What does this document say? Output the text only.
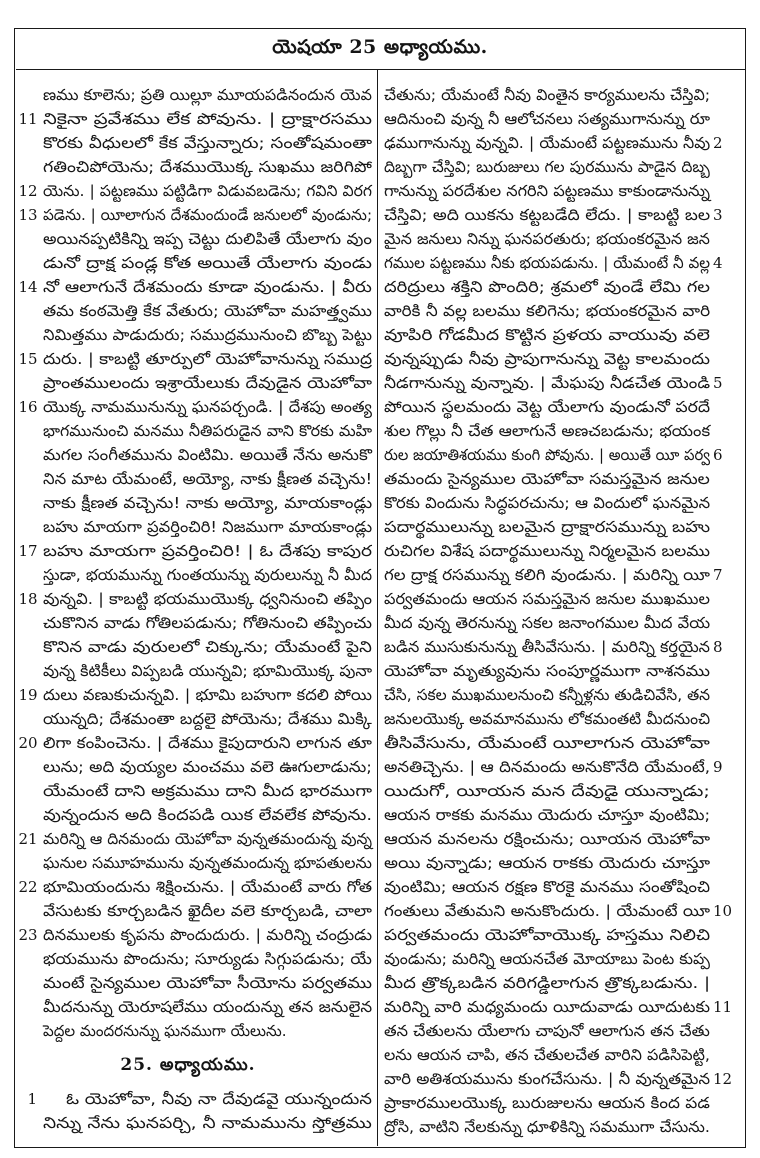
యెషయా 25 అధ్యాయము.
ణము కూలెను; ప్రతి యిల్లూ మూయపడినందున యెవ
11 నికైనా ప్రవేశము లేక పోవును. | ద్రాక్షారసము
కొరకు వీధులలో కేక వేస్తున్నారు; సంతోషమంతా
గతించిపోయెను; దేశముయొక్క సుఖము జరిగిపో
12 యెను. | పట్టణము పట్టిడిగా విడువబడెను; గవిని విరగ
13 పడెను. | యీలాగున దేశమందుండే జనులలో వుండును;
అయినప్పటికిన్ని ఇప్ప చెట్టు దులిపితే యేలాగు వుం
డునో ద్రాక్ష పండ్ల కోత అయితే యేలాగు వుండు
14 నో ఆలాగునే దేశమందు కూడా వుండును. | వీరు
తమ కంఠమెత్తి కేక వేతురు; యెహోవా మహత్త్వము
నిమిత్తము పాడుదురు; సముద్రమునుంచి బొబ్బ పెట్టు
15 దురు. | కాబట్టి తూర్పులో యెహోవానున్ను సముద్ర
ప్రాంతములందు ఇశ్రాయేలుకు దేవుడైన యెహోవా
16 యొక్క నామమునున్ను ఘనపర్చండి. | దేశపు అంత్య
భాగమునుంచి మనము నీతిపరుడైన వాని కొరకు మహి
మగల సంగీతమును వింటిమి. అయితే నేను అనుకొ
నిన మాట యేమంటే, అయ్యో, నాకు క్షీణత వచ్చెను!
నాకు క్షీణత వచ్చెను! నాకు అయ్యో, మాయకాండ్లు
బహు మాయగా ప్రవర్తించిరి! నిజముగా మాయకాండ్లు
17 బహు మాయగా ప్రవర్తించిరి! | ఓ దేశపు కాపుర
స్తుడా, భయమున్ను గుంతయున్ను వురులున్ను నీ మీద
18 వున్నవి. | కాబట్టి భయముయొక్క ధ్వనినుంచి తప్పిం
చుకొనిన వాడు గోతిలపడును; గోతినుంచి తప్పించు
కొనిన వాడు వురులలో చిక్కును; యేమంటే పైని
వున్న కిటికీలు విప్పబడి యున్నవి; భూమియొక్క పునా
19 దులు వణుకుచున్నవి. | భూమి బహుగా కదలి పోయి
యున్నది; దేశమంతా బద్దలై పోయెను; దేశము మిక్కి
20 లిగా కంపించెను. | దేశము కైపుదారుని లాగున తూ
లును; అది వుయ్యల మంచము వలె ఊగులాడును;
యేమంటే దాని అక్రమము దాని మీద భారముగా
వున్నందున అది కిందపడి యిక లేవలేక పోవును.
21 మరిన్ని ఆ దినమందు యెహోవా వున్నతమందున్న వున్న
ఘనుల సమూహమును వున్నతమందున్న భూపతులను
22 భూమియందును శిక్షించును. | యేమంటే వారు గోత
వేసుటకు కూర్చబడిన ఖైదీల వలె కూర్చబడి, చాలా
23 దినములకు కృపను పొందుదురు. | మరిన్ని చంద్రుడు
భయమును పొందును; సూర్యుడు సిగ్గుపడును; యే
మంటే సైన్యముల యెహోవా సీయోను పర్వతము
మీదనున్ను యెరూషలేము యందున్ను తన జనులైన
పెద్దల మందరనున్ను ఘనముగా యేలును.
25. అధ్యాయము.
1	ఓ యెహోవా, నీవు నా దేవుడవై యున్నందున
నిన్ను నేను ఘనపర్చి, నీ నామమును స్తోత్రము
చేతును; యేమంటే నీవు వింతైన కార్యములను చేస్తివి;
ఆదినుంచి వున్న నీ ఆలోచనలు సత్యముగానున్ను రూ
2
ఢముగానున్ను వున్నవి. | యేమంటే పట్టణమును నీవు
దిబ్బగా చేస్తివి; బురుజులు గల పురమును పాడైన దిబ్బ
గానున్ను పరదేశుల నగరిని పట్టణము కాకుండానున్ను
3
చేస్తివి; అది యికను కట్టబడేది లేదు. | కాబట్టి బల
మైన జనులు నిన్ను ఘనపరతురు; భయంకరమైన జన
4
గముల పట్టణము నీకు భయపడును. | యేమంటే నీ వల్ల
దరిద్రులు శక్తిని పొందిరి; శ్రమలో వుండే లేమి గల
వారికి నీ వల్ల బలము కలిగెను; భయంకరమైన వారి
వూపిరి గోడమీద కొట్టిన ప్రళయ వాయువు వలె
వున్నప్పుడు నీవు ప్రాపుగానున్ను వెట్ట కాలమందు
5
నీడగానున్ను వున్నావు. | మేఘపు నీడచేత యెండి
పోయిన స్థలమందు వెట్ట యేలాగు వుండునో పరదే
శుల గొల్లు నీ చేత ఆలాగునే అణచబడును; భయంక
6
రుల జయాతిశయము కుంగి పోవును. | అయితే యీ పర్వ
తమందు సైన్యముల యెహోవా సమస్తమైన జనుల
కొరకు విందును సిద్ధపరచును; ఆ విందులో ఘనమైన
పదార్థములున్ను బలమైన ద్రాక్షారసమున్ను బహు
రుచిగల విశేష పదార్థములున్ను నిర్మలమైన బలము
7
గల ద్రాక్ష రసమున్ను కలిగి వుండును. | మరిన్ని యీ
పర్వతమందు ఆయన సమస్తమైన జనుల ముఖముల
మీద వున్న తెరనున్ను సకల జనాంగముల మీద వేయ
8
బడిన ముసుకునున్ను తీసివేసును. | మరిన్ని కర్తయైన
యెహోవా మృత్యువును సంపూర్ణముగా నాశనము
చేసి, సకల ముఖములనుంచి కన్నీళ్లను తుడిచివేసి, తన
జనులయొక్క అవమానమును లోకమంతటి మీదనుంచి
తీసివేసును, యేమంటే యీలాగున యెహోవా
9
అనతిచ్చెను. | ఆ దినమందు అనుకొనేది యేమంటే,
యిదుగో, యీయన మన దేవుడై యున్నాడు;
ఆయన రాకకు మనము యెదురు చూస్తూ వుంటిమి;
ఆయన మనలను రక్షించును; యీయన యెహోవా
అయి వున్నాడు; ఆయన రాకకు యెదురు చూస్తూ
వుంటిమి; ఆయన రక్షణ కొరకై మనము సంతోషించి
10
గంతులు వేతుమని అనుకొందురు. | యేమంటే యీ
పర్వతమందు యెహోవాయొక్క హస్తము నిలిచి
వుండును; మరిన్ని ఆయనచేత మోయాబు పెంట కుప్ప
మీద త్రొక్కబడిన వరిగడ్డిలాగున త్రొక్కబడును. |
11
మరిన్ని వారి మధ్యమందు యీదువాడు యీదుటకు
తన చేతులను యేలాగు చాపునో ఆలాగున తన చేతు
లను ఆయన చాపి, తన చేతులచేత వారిని పడిసిపెట్టి,
12
వారి అతిశయమును కుంగచేసును. | నీ వున్నతమైన
ప్రాకారములయొక్క బురుజులను ఆయన కింద పడ
ద్రోసి, వాటిని నేలకున్ను ధూళికిన్ని సమముగా చేసును.
